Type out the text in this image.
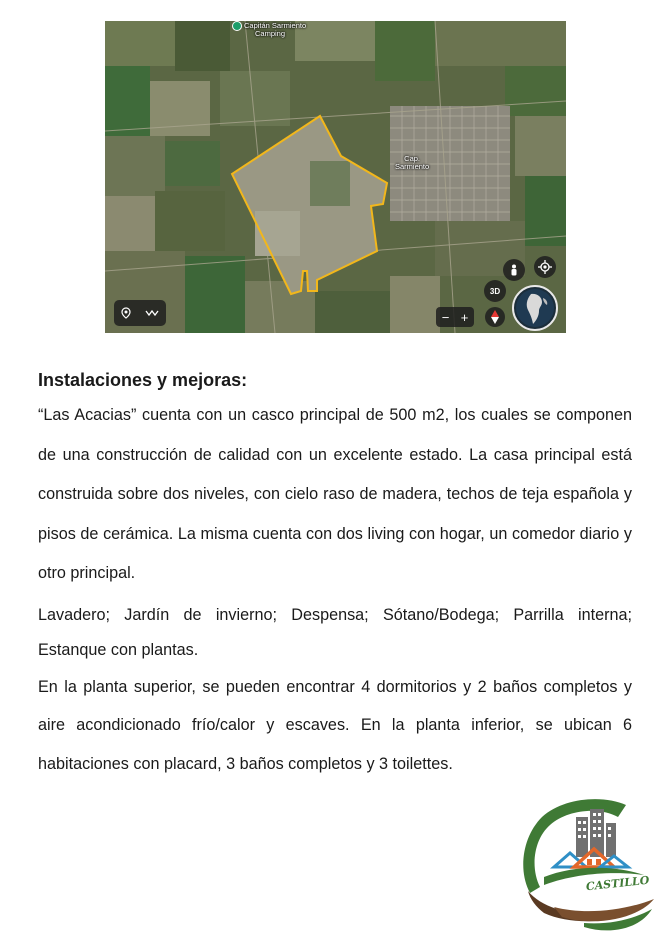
Capitán Sarmiento
Camping
Cap.
Sarmiento
3D
− +
Instalaciones y mejoras:

“Las Acacias” cuenta con un casco principal de 500 m2, los cuales se componen de una construcción de calidad con un excelente estado. La casa principal está construida sobre dos niveles, con cielo raso de madera, techos de teja española y pisos de cerámica. La misma cuenta con dos living con hogar, un comedor diario y otro principal.

Lavadero; Jardín de invierno; Despensa; Sótano/Bodega; Parrilla interna; Estanque con plantas.

En la planta superior, se pueden encontrar 4 dormitorios y 2 baños completos y aire acondicionado frío/calor y escaves. En la planta inferior, se ubican 6 habitaciones con placard, 3 baños completos y 3 toilettes.

CASTILLO
